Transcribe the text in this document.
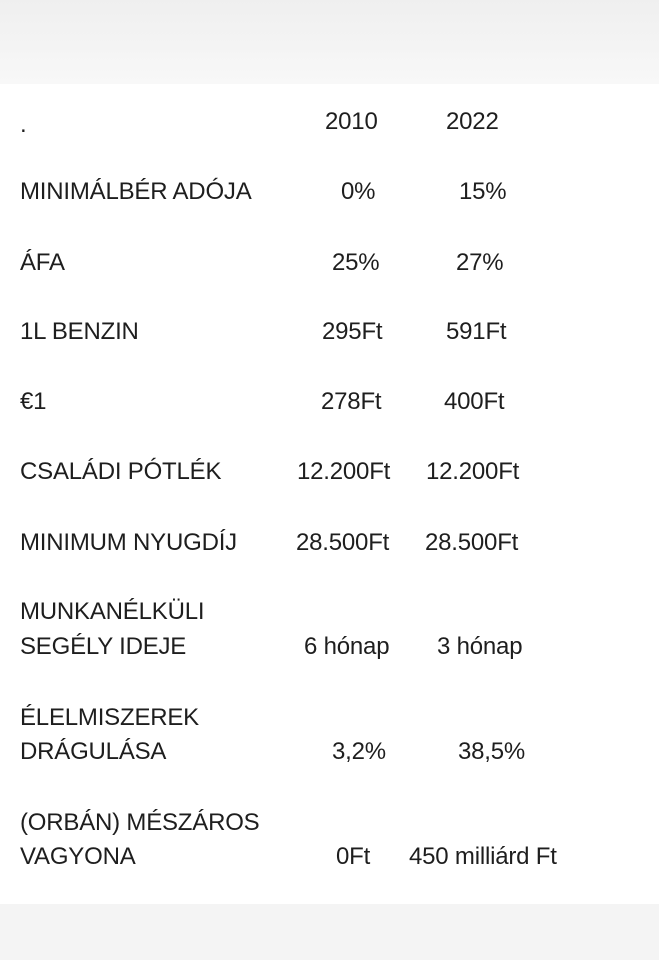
.	2010	2022
MINIMÁLBÉR ADÓJA	0%	15%
ÁFA	25%	27%
1L BENZIN	295Ft	591Ft
€1	278Ft	400Ft
CSALÁDI PÓTLÉK	12.200Ft 12.200Ft
MINIMUM NYUGDÍJ 28.500Ft 28.500Ft
MUNKANÉLKÜLI
SEGÉLY IDEJE	6 hónap 3 hónap
ÉLELMISZEREK
DRÁGULÁSA	3,2%	38,5%
(ORBÁN) MÉSZÁROS
VAGYONA	0Ft 450 milliárd Ft
